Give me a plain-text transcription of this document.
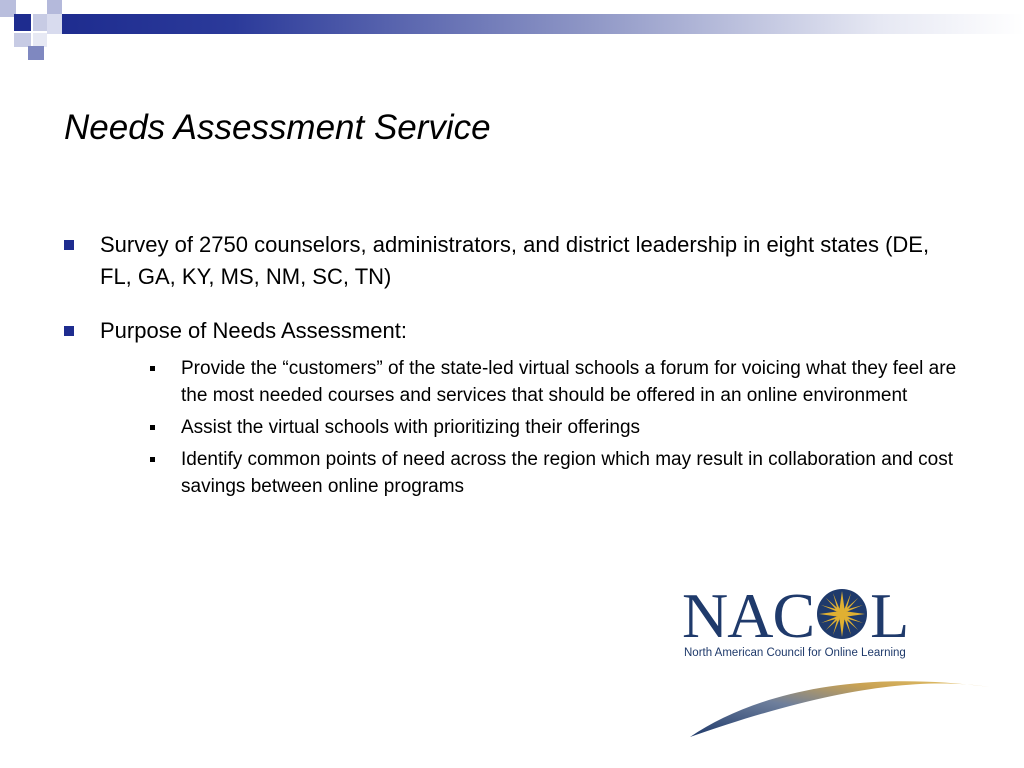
Needs Assessment Service
Survey of 2750 counselors, administrators, and district leadership in eight states (DE, FL, GA, KY, MS, NM, SC, TN)
Purpose of Needs Assessment:
Provide the “customers” of the state-led virtual schools a forum for voicing what they feel are the most needed courses and services that should be offered in an online environment
Assist the virtual schools with prioritizing their offerings
Identify common points of need across the region which may result in collaboration and cost savings between online programs
NAC L
North American Council for Online Learning
